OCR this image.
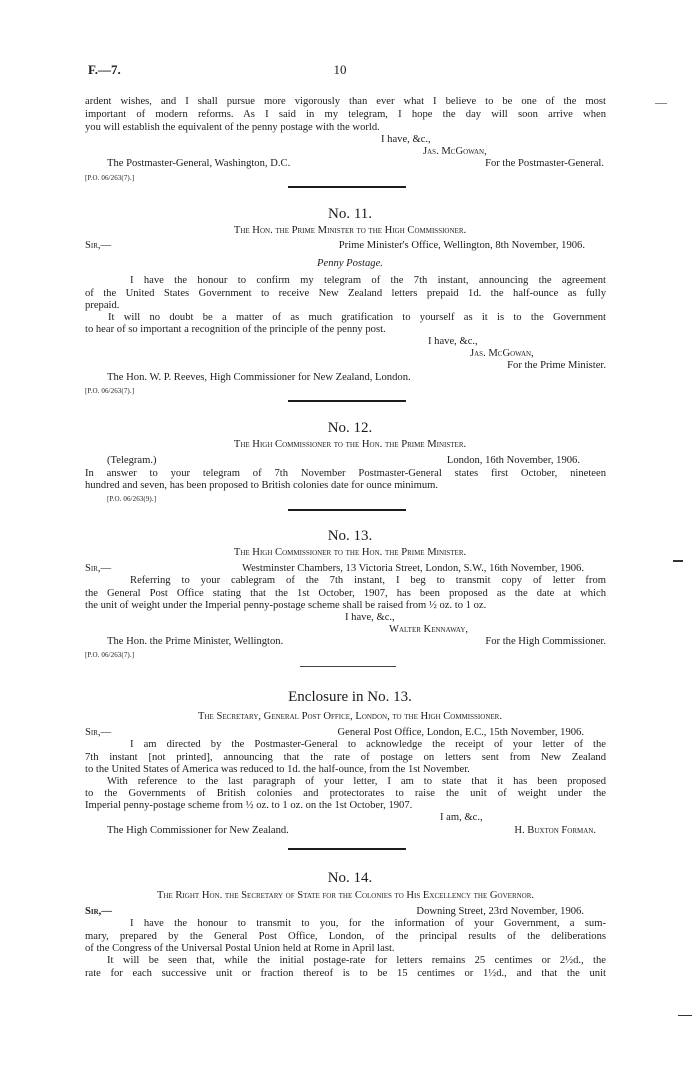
F.—7.	10
ardent wishes, and I shall pursue more vigorously than ever what I believe to be one of the most
important of modern reforms. As I said in my telegram, I hope the day will soon arrive when
you will establish the equivalent of the penny postage with the world.
I have, &c.,
Jas. McGowan,
The Postmaster-General, Washington, D.C.	For the Postmaster-General.
[P.O. 06/263(7).]
No. 11.
The Hon. the Prime Minister to the High Commissioner.
Sir,—	Prime Minister's Office, Wellington, 8th November, 1906.
Penny Postage.
I have the honour to confirm my telegram of the 7th instant, announcing the agreement
of the United States Government to receive New Zealand letters prepaid 1d. the half-ounce as fully
prepaid.
It will no doubt be a matter of as much gratification to yourself as it is to the Government
to hear of so important a recognition of the principle of the penny post.
I have, &c.,
Jas. McGowan,
For the Prime Minister.
The Hon. W. P. Reeves, High Commissioner for New Zealand, London.
[P.O. 06/263(7).]
No. 12.
The High Commissioner to the Hon. the Prime Minister.
(Telegram.)	London, 16th November, 1906.
In answer to your telegram of 7th November Postmaster-General states first October, nineteen
hundred and seven, has been proposed to British colonies date for ounce minimum.
[P.O. 06/263(9).]
No. 13.
The High Commissioner to the Hon. the Prime Minister.
Sir,—	Westminster Chambers, 13 Victoria Street, London, S.W., 16th November, 1906.
Referring to your cablegram of the 7th instant, I beg to transmit copy of letter from
the General Post Office stating that the 1st October, 1907, has been proposed as the date at which
the unit of weight under the Imperial penny-postage scheme shall be raised from ½ oz. to 1 oz.
I have, &c.,
Walter Kennaway,
The Hon. the Prime Minister, Wellington.	For the High Commissioner.
[P.O. 06/263(7).]
Enclosure in No. 13.
The Secretary, General Post Office, London, to the High Commissioner.
Sir,—	General Post Office, London, E.C., 15th November, 1906.
I am directed by the Postmaster-General to acknowledge the receipt of your letter of the
7th instant [not printed], announcing that the rate of postage on letters sent from New Zealand
to the United States of America was reduced to 1d. the half-ounce, from the 1st November.
With reference to the last paragraph of your letter, I am to state that it has been proposed
to the Governments of British colonies and protectorates to raise the unit of weight under the
Imperial penny-postage scheme from ½ oz. to 1 oz. on the 1st October, 1907.
I am, &c.,
The High Commissioner for New Zealand.	H. Buxton Forman.
No. 14.
The Right Hon. the Secretary of State for the Colonies to His Excellency the Governor.
Sir,—	Downing Street, 23rd November, 1906.
I have the honour to transmit to you, for the information of your Government, a sum-
mary, prepared by the General Post Office, London, of the principal results of the deliberations
of the Congress of the Universal Postal Union held at Rome in April last.
It will be seen that, while the initial postage-rate for letters remains 25 centimes or 2½d., the
rate for each successive unit or fraction thereof is to be 15 centimes or 1½d., and that the unit
